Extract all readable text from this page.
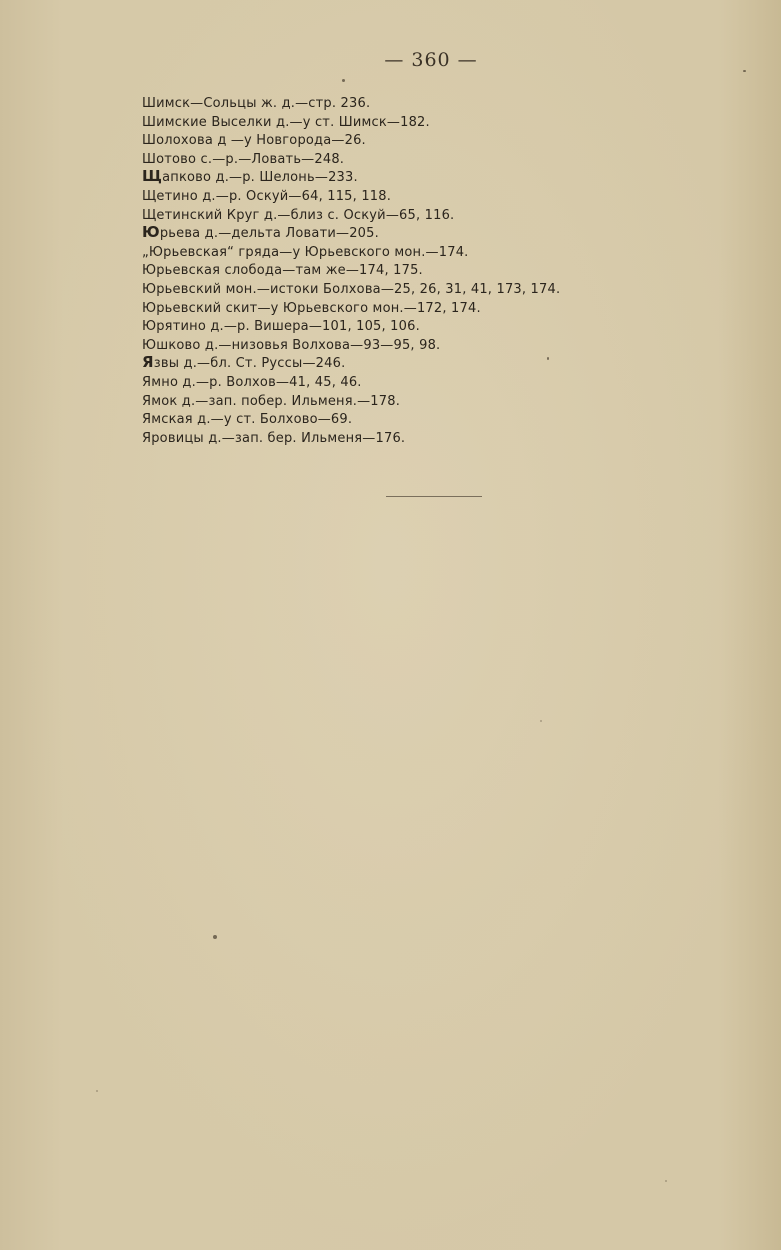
— 360 —
Шимск—Сольцы ж. д.—стр. 236.
Шимские Выселки д.—у ст. Шимск—182.
Шолохова д —у Новгорода—26.
Шотово с.—р.—Ловать—248.
Щапково д.—р. Шелонь—233.
Щетино д.—р. Оскуй—64, 115, 118.
Щетинский Круг д.—близ с. Оскуй—65, 116.
Юрьева д.—дельта Ловати—205.
„Юрьевская“ гряда—у Юрьевского мон.—174.
Юрьевская слобода—там же—174, 175.
Юрьевский мон.—истоки Болхова—25, 26, 31, 41, 173, 174.
Юрьевский скит—у Юрьевского мон.—172, 174.
Юрятино д.—р. Вишера—101, 105, 106.
Юшково д.—низовья Волхова—93—95, 98.
Язвы д.—бл. Ст. Руссы—246.
Ямно д.—р. Волхов—41, 45, 46.
Ямок д.—зап. побер. Ильменя.—178.
Ямская д.—у ст. Болхово—69.
Яровицы д.—зап. бер. Ильменя—176.
